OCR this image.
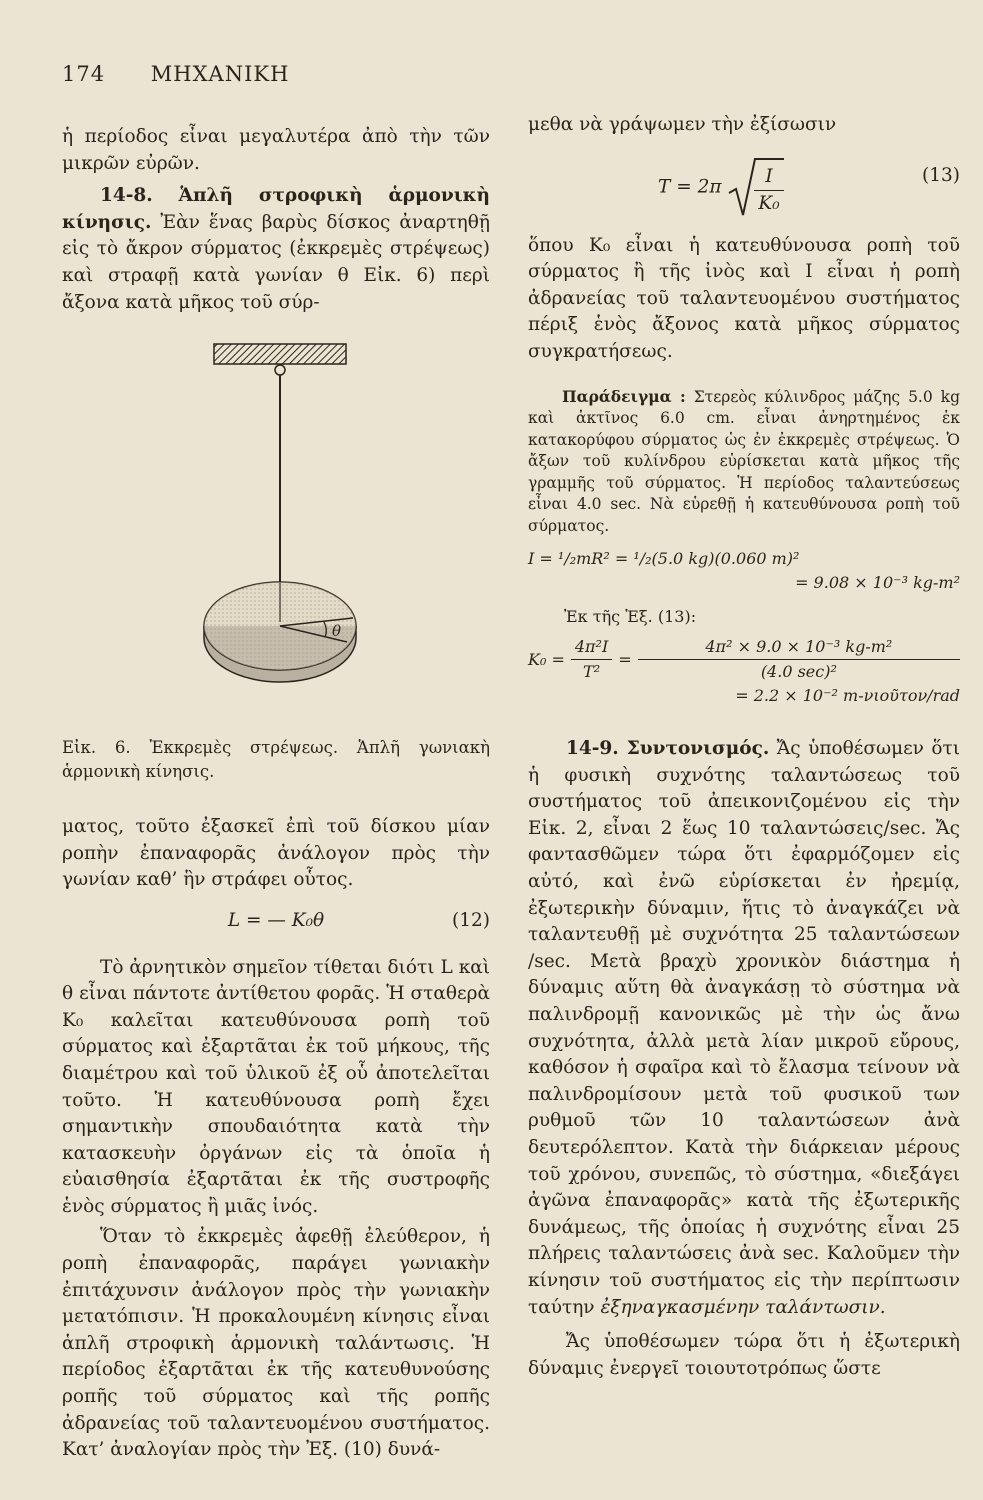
174 ΜΗΧΑΝΙΚΗ

ἡ περίοδος εἶναι μεγαλυτέρα ἀπὸ τὴν τῶν μικρῶν εὐρῶν.

14-8. Ἁπλῆ στροφικὴ ἁρμονικὴ κίνησις. Ἐὰν ἕνας βαρὺς δίσκος ἀναρτηθῇ εἰς τὸ ἄκρον σύρματος (ἐκκρεμὲς στρέψεως) καὶ στραφῇ κατὰ γωνίαν θ Εἰκ. 6) περὶ ἄξονα κατὰ μῆκος τοῦ σύρ-

θ

Εἰκ. 6. Ἐκκρεμὲς στρέψεως. Ἁπλῆ γωνιακὴ ἁρμονικὴ κίνησις.

ματος, τοῦτο ἐξασκεῖ ἐπὶ τοῦ δίσκου μίαν ροπὴν ἐπαναφορᾶς ἀνάλογον πρὸς τὴν γωνίαν καθ’ ἣν στράφει οὗτος.

L = — K₀θ	(12)

Τὸ ἀρνητικὸν σημεῖον τίθεται διότι L καὶ θ εἶναι πάντοτε ἀντίθετου φορᾶς. Ἡ σταθερὰ K₀ καλεῖται κατευθύνουσα ροπὴ τοῦ σύρματος καὶ ἐξαρτᾶται ἐκ τοῦ μήκους, τῆς διαμέτρου καὶ τοῦ ὑλικοῦ ἐξ οὗ ἀποτελεῖται τοῦτο. Ἡ κατευθύνουσα ροπὴ ἔχει σημαντικὴν σπουδαιότητα κατὰ τὴν κατασκευὴν ὀργάνων εἰς τὰ ὁποῖα ἡ εὐαισθησία ἐξαρτᾶται ἐκ τῆς συστροφῆς ἑνὸς σύρματος ἢ μιᾶς ἰνός.

Ὅταν τὸ ἐκκρεμὲς ἀφεθῇ ἐλεύθερον, ἡ ροπὴ ἐπαναφορᾶς, παράγει γωνιακὴν ἐπιτάχυνσιν ἀνάλογον πρὸς τὴν γωνιακὴν μετατόπισιν. Ἡ προκαλουμένη κίνησις εἶναι ἁπλῆ στροφικὴ ἁρμονικὴ ταλάντωσις. Ἡ περίοδος ἐξαρτᾶται ἐκ τῆς κατευθυνούσης ροπῆς τοῦ σύρματος καὶ τῆς ροπῆς ἀδρανείας τοῦ ταλαντευομένου συστήματος. Κατ’ ἀναλογίαν πρὸς τὴν Ἐξ. (10) δυνά-

μεθα νὰ γράψωμεν τὴν ἐξίσωσιν

$T = 2\pi \frac{I}{\text{K₀}}$	(13)

ὅπου K₀ εἶναι ἡ κατευθύνουσα ροπὴ τοῦ σύρματος ἢ τῆς ἰνὸς καὶ I εἶναι ἡ ροπὴ ἀδρανείας τοῦ ταλαντευομένου συστήματος πέριξ ἑνὸς ἄξονος κατὰ μῆκος σύρματος συγκρατήσεως.

Παράδειγμα : Στερεὸς κύλινδρος μάζης 5.0 kg καὶ ἀκτῖνος 6.0 cm. εἶναι ἀνηρτημένος ἐκ κατακορύφου σύρματος ὡς ἐν ἐκκρεμὲς στρέψεως. Ὁ ἄξων τοῦ κυλίνδρου εὑρίσκεται κατὰ μῆκος τῆς γραμμῆς τοῦ σύρματος. Ἡ περίοδος ταλαντεύσεως εἶναι 4.0 sec. Νὰ εὑρεθῇ ἡ κατευθύνουσα ροπὴ τοῦ σύρματος.

I = ¹/₂mR² = ¹/₂(5.0 kg)(0.060 m)²
= 9.08 × 10⁻³ kg-m²
Ἐκ τῆς Ἐξ. (13):
$K_0 = \frac{\text{4π²I}}{\text{T²}} = \frac{\text{4π² × 9.0 × 10⁻³ kg-m²}}{\text{(4.0 sec)²}}$
= 2.2 × 10⁻² m-νιοῦτον/rad

14-9. Συντονισμός. Ἄς ὑποθέσωμεν ὅτι ἡ φυσικὴ συχνότης ταλαντώσεως τοῦ συστήματος τοῦ ἀπεικονιζομένου εἰς τὴν Εἰκ. 2, εἶναι 2 ἕως 10 ταλαντώσεις/sec. Ἄς φαντασθῶμεν τώρα ὅτι ἐφαρμόζομεν εἰς αὐτό, καὶ ἐνῶ εὑρίσκεται ἐν ἠρεμίᾳ, ἐξωτερικὴν δύναμιν, ἥτις τὸ ἀναγκάζει νὰ ταλαντευθῇ μὲ συχνότητα 25 ταλαντώσεων /sec. Μετὰ βραχὺ χρονικὸν διάστημα ἡ δύναμις αὕτη θὰ ἀναγκάσῃ τὸ σύστημα νὰ παλινδρομῇ κανονικῶς μὲ τὴν ὡς ἄνω συχνότητα, ἀλλὰ μετὰ λίαν μικροῦ εὔρους, καθόσον ἡ σφαῖρα καὶ τὸ ἔλασμα τείνουν νὰ παλινδρομίσουν μετὰ τοῦ φυσικοῦ των ρυθμοῦ τῶν 10 ταλαντώσεων ἀνὰ δευτερόλεπτον. Κατὰ τὴν διάρκειαν μέρους τοῦ χρόνου, συνεπῶς, τὸ σύστημα, «διεξάγει ἀγῶνα ἐπαναφορᾶς» κατὰ τῆς ἐξωτερικῆς δυνάμεως, τῆς ὁποίας ἡ συχνότης εἶναι 25 πλήρεις ταλαντώσεις ἀνὰ sec. Καλοῦμεν τὴν κίνησιν τοῦ συστήματος εἰς τὴν περίπτωσιν ταύτην ἐξηναγκασμένην ταλάντωσιν.

Ἄς ὑποθέσωμεν τώρα ὅτι ἡ ἐξωτερικὴ δύναμις ἐνεργεῖ τοιουτοτρόπως ὥστε
